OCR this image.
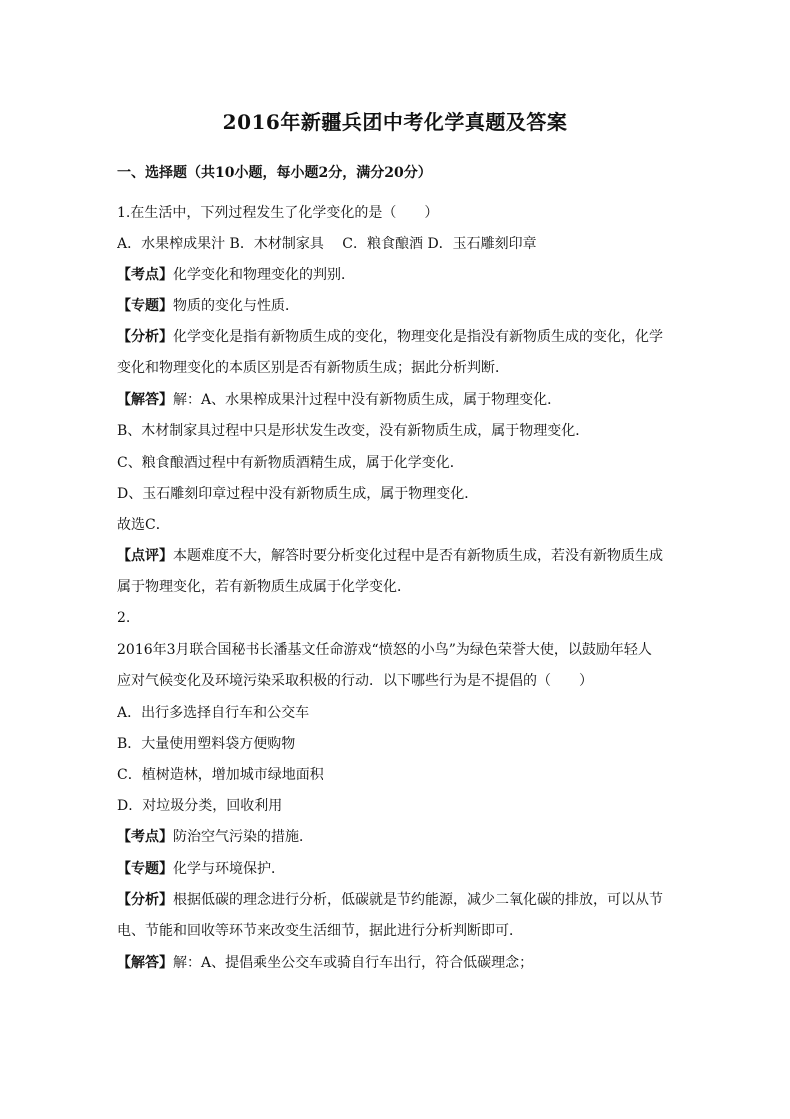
2016年新疆兵团中考化学真题及答案
一、选择题（共10小题，每小题2分，满分20分）
1.在生活中，下列过程发生了化学变化的是（　　）
A．水果榨成果汁 B．木材制家具　 C．粮食酿酒 D．玉石雕刻印章
【考点】化学变化和物理变化的判别．
【专题】物质的变化与性质．
【分析】化学变化是指有新物质生成的变化，物理变化是指没有新物质生成的变化，化学
变化和物理变化的本质区别是否有新物质生成；据此分析判断．
【解答】解：A、水果榨成果汁过程中没有新物质生成，属于物理变化．
B、木材制家具过程中只是形状发生改变，没有新物质生成，属于物理变化．
C、粮食酿酒过程中有新物质酒精生成，属于化学变化．
D、玉石雕刻印章过程中没有新物质生成，属于物理变化．
故选C．
【点评】本题难度不大，解答时要分析变化过程中是否有新物质生成，若没有新物质生成
属于物理变化，若有新物质生成属于化学变化．
2.
2016年3月联合国秘书长潘基文任命游戏“愤怒的小鸟”为绿色荣誉大使，以鼓励年轻人
应对气候变化及环境污染采取积极的行动．以下哪些行为是不提倡的（　　）
A．出行多选择自行车和公交车
B．大量使用塑料袋方便购物
C．植树造林，增加城市绿地面积
D．对垃圾分类，回收利用
【考点】防治空气污染的措施．
【专题】化学与环境保护．
【分析】根据低碳的理念进行分析，低碳就是节约能源，减少二氧化碳的排放，可以从节
电、节能和回收等环节来改变生活细节，据此进行分析判断即可．
【解答】解：A、提倡乘坐公交车或骑自行车出行，符合低碳理念；
